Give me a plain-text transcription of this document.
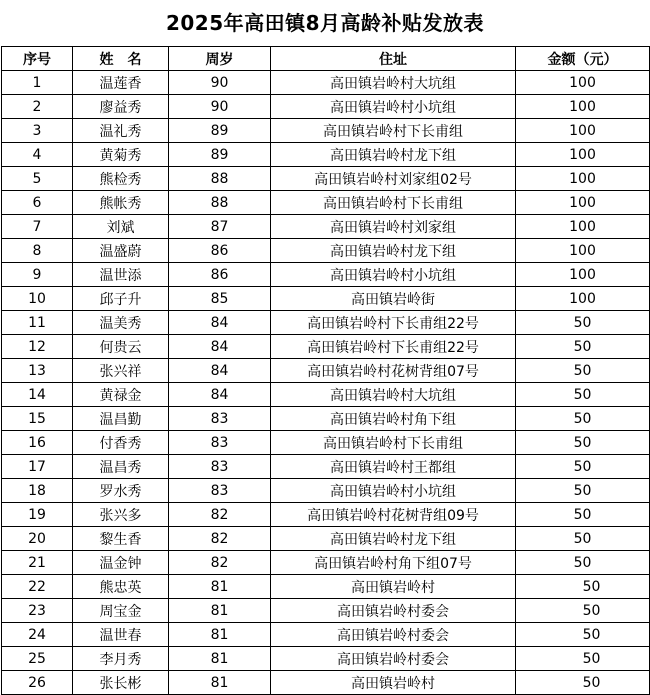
2025年高田镇8月高龄补贴发放表
序号	姓　名	周岁	住址	金额（元）
1	温莲香	90	高田镇岩岭村大坑组	100
2	廖益秀	90	高田镇岩岭村小坑组	100
3	温礼秀	89	高田镇岩岭村下长甫组	100
4	黄菊秀	89	高田镇岩岭村龙下组	100
5	熊检秀	88	高田镇岩岭村刘家组02号	100
6	熊帐秀	88	高田镇岩岭村下长甫组	100
7	刘斌	87	高田镇岩岭村刘家组	100
8	温盛蔚	86	高田镇岩岭村龙下组	100
9	温世添	86	高田镇岩岭村小坑组	100
10	邱子升	85	高田镇岩岭街	100
11	温美秀	84	高田镇岩岭村下长甫组22号	50
12	何贵云	84	高田镇岩岭村下长甫组22号	50
13	张兴祥	84	高田镇岩岭村花树背组07号	50
14	黄禄金	84	高田镇岩岭村大坑组	50
15	温昌勤	83	高田镇岩岭村角下组	50
16	付香秀	83	高田镇岩岭村下长甫组	50
17	温昌秀	83	高田镇岩岭村王都组	50
18	罗水秀	83	高田镇岩岭村小坑组	50
19	张兴多	82	高田镇岩岭村花树背组09号	50
20	黎生香	82	高田镇岩岭村龙下组	50
21	温金钟	82	高田镇岩岭村角下组07号	50
22	熊忠英	81	高田镇岩岭村	50
23	周宝金	81	高田镇岩岭村委会	50
24	温世春	81	高田镇岩岭村委会	50
25	李月秀	81	高田镇岩岭村委会	50
26	张长彬	81	高田镇岩岭村	50
